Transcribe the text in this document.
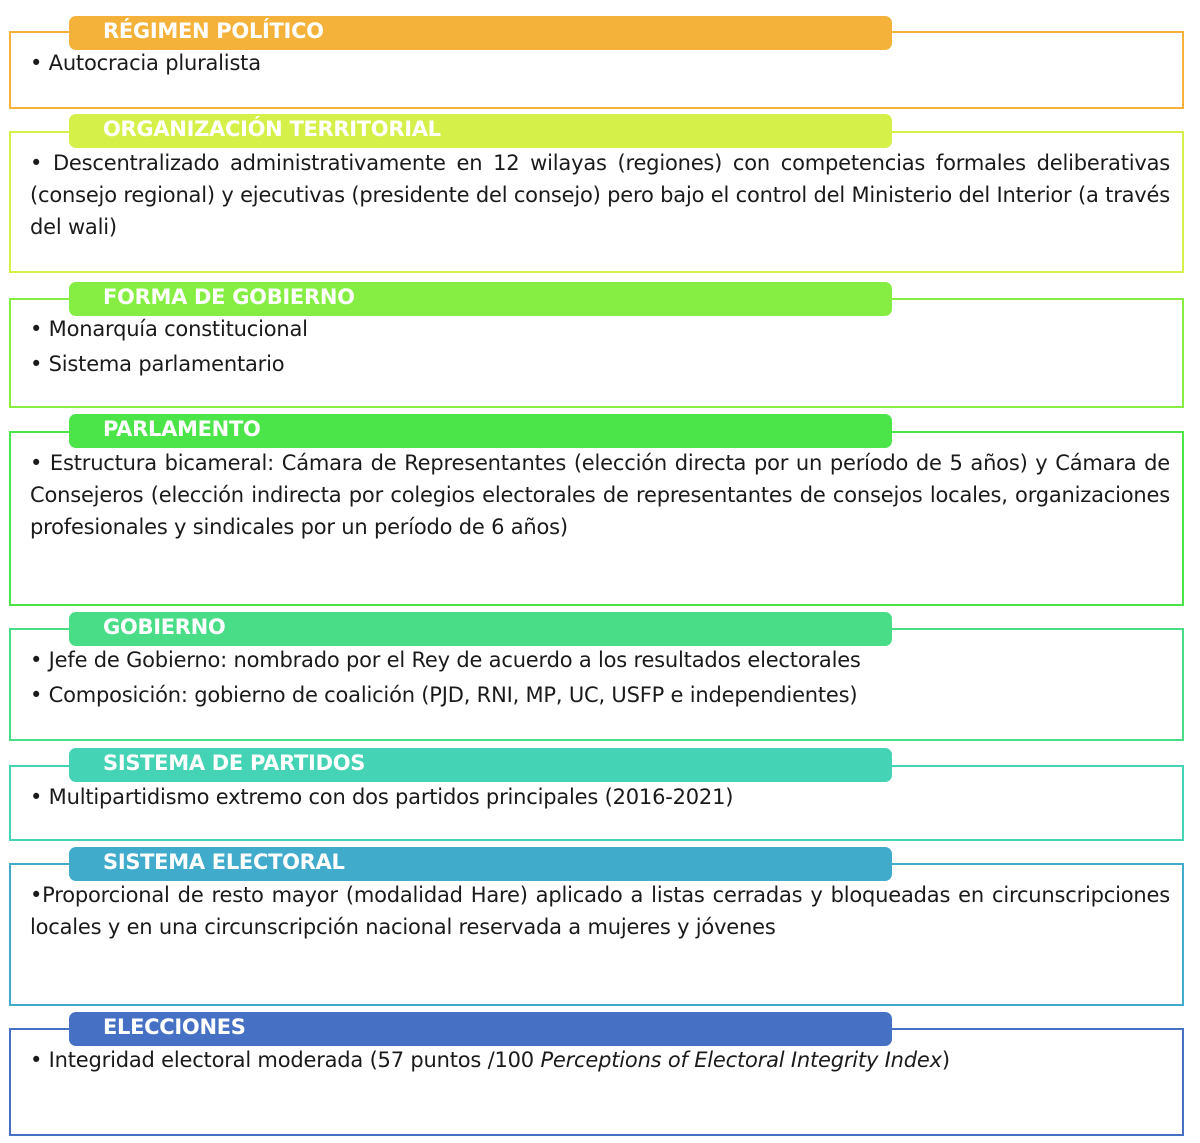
RÉGIMEN POLÍTICO
• Autocracia pluralista
ORGANIZACIÓN TERRITORIAL
• Descentralizado administrativamente en 12 wilayas (regiones) con competencias formales deliberativas (consejo regional) y ejecutivas (presidente del consejo) pero bajo el control del Ministerio del Interior (a través del wali)
FORMA DE GOBIERNO
• Monarquía constitucional
• Sistema parlamentario
PARLAMENTO
• Estructura bicameral: Cámara de Representantes (elección directa por un período de 5 años) y Cámara de Consejeros (elección indirecta por colegios electorales de representantes de consejos locales, organizaciones profesionales y sindicales por un período de 6 años)
GOBIERNO
• Jefe de Gobierno: nombrado por el Rey de acuerdo a los resultados electorales
• Composición: gobierno de coalición (PJD, RNI, MP, UC, USFP e independientes)
SISTEMA DE PARTIDOS
• Multipartidismo extremo con dos partidos principales (2016-2021)
SISTEMA ELECTORAL
•Proporcional de resto mayor (modalidad Hare) aplicado a listas cerradas y bloqueadas en circunscripciones locales y en una circunscripción nacional reservada a mujeres y jóvenes
ELECCIONES
• Integridad electoral moderada (57 puntos /100 Perceptions of Electoral Integrity Index)
